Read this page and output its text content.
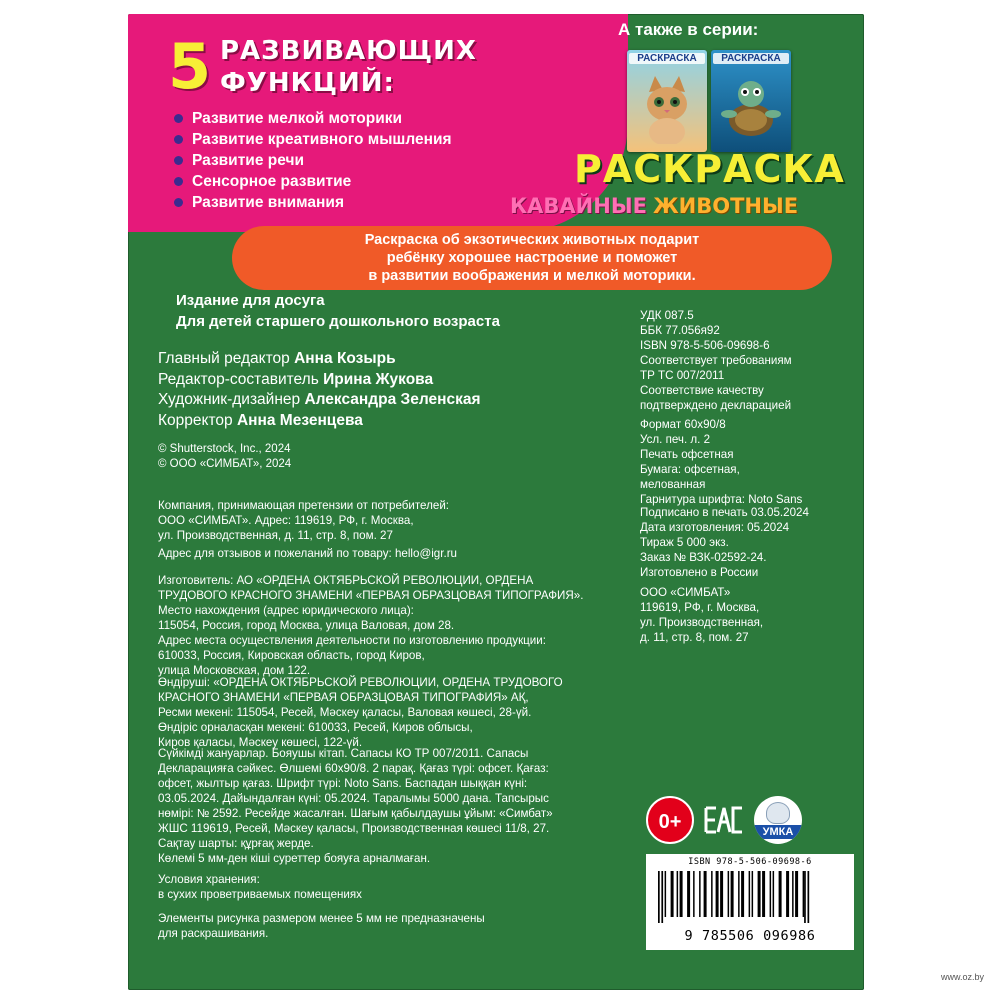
5 РАЗВИВАЮЩИХ
ФУНКЦИЙ:
Развитие мелкой моторики
Развитие креативного мышления
Развитие речи
Сенсорное развитие
Развитие внимания
А также в серии:
РАСКРАСКА	РАСКРАСКА
РАСКРАСКА
КАВАЙНЫЕ ЖИВОТНЫЕ
Раскраска об экзотических животных подарит
ребёнку хорошее настроение и поможет
в развитии воображения и мелкой моторики.
Издание для досуга
Для детей старшего дошкольного возраста
Главный редактор Анна Козырь
Редактор-составитель Ирина Жукова
Художник-дизайнер Александра Зеленская
Корректор Анна Мезенцева
© Shutterstock, Inc., 2024
© ООО «СИМБАТ», 2024
Компания, принимающая претензии от потребителей:
ООО «СИМБАТ». Адрес: 119619, РФ, г. Москва,
ул. Производственная, д. 11, стр. 8, пом. 27
Адрес для отзывов и пожеланий по товару: hello@igr.ru
Изготовитель: АО «ОРДЕНА ОКТЯБРЬСКОЙ РЕВОЛЮЦИИ, ОРДЕНА
ТРУДОВОГО КРАСНОГО ЗНАМЕНИ «ПЕРВАЯ ОБРАЗЦОВАЯ ТИПОГРАФИЯ».
Место нахождения (адрес юридического лица):
115054, Россия, город Москва, улица Валовая, дом 28.
Адрес места осуществления деятельности по изготовлению продукции:
610033, Россия, Кировская область, город Киров,
улица Московская, дом 122.
Өндіруші: «ОРДЕНА ОКТЯБРЬСКОЙ РЕВОЛЮЦИИ, ОРДЕНА ТРУДОВОГО
КРАСНОГО ЗНАМЕНИ «ПЕРВАЯ ОБРАЗЦОВАЯ ТИПОГРАФИЯ» АҚ,
Ресми мекені: 115054, Ресей, Мәскеу қаласы, Валовая көшесі, 28-үй.
Өндіріс орналасқан мекені: 610033, Ресей, Киров облысы,
Киров қаласы, Мәскеу көшесі, 122-үй.
Сүйкімді жануарлар. Бояушы кітап. Сапасы КО ТР 007/2011. Сапасы
Декларацияға сәйкес. Өлшемі 60х90/8. 2 парақ. Қағаз түрі: офсет. Қағаз:
офсет, жылтыр қағаз. Шрифт түрі: Noto Sans. Баспадан шыққан күні:
03.05.2024. Дайындалған күні: 05.2024. Таралымы 5000 дана. Тапсырыс
нөмірі: № 2592. Ресейде жасалған. Шағым қабылдаушы ұйым: «Симбат»
ЖШС 119619, Ресей, Мәскеу қаласы, Производственная көшесі 11/8, 27.
Сақтау шарты: құрғақ жерде.
Көлемі 5 мм-ден кіші суреттер бояуға арналмаған.
Условия хранения:
в сухих проветриваемых помещениях
Элементы рисунка размером менее 5 мм не предназначены
для раскрашивания.
УДК 087.5
ББК 77.056я92
ISBN 978-5-506-09698-6
Соответствует требованиям
ТР ТС 007/2011
Соответствие качеству
подтверждено декларацией
Формат 60х90/8
Усл. печ. л. 2
Печать офсетная
Бумага: офсетная,
мелованная
Гарнитура шрифта: Noto Sans
Подписано в печать 03.05.2024
Дата изготовления: 05.2024
Тираж 5 000 экз.
Заказ № ВЗК-02592-24.
Изготовлено в России
ООО «СИМБАТ»
119619, РФ, г. Москва,
ул. Производственная,
д. 11, стр. 8, пом. 27
0+
EAC
УМКА
ISBN 978-5-506-09698-6
9 785506 096986
www.oz.by
